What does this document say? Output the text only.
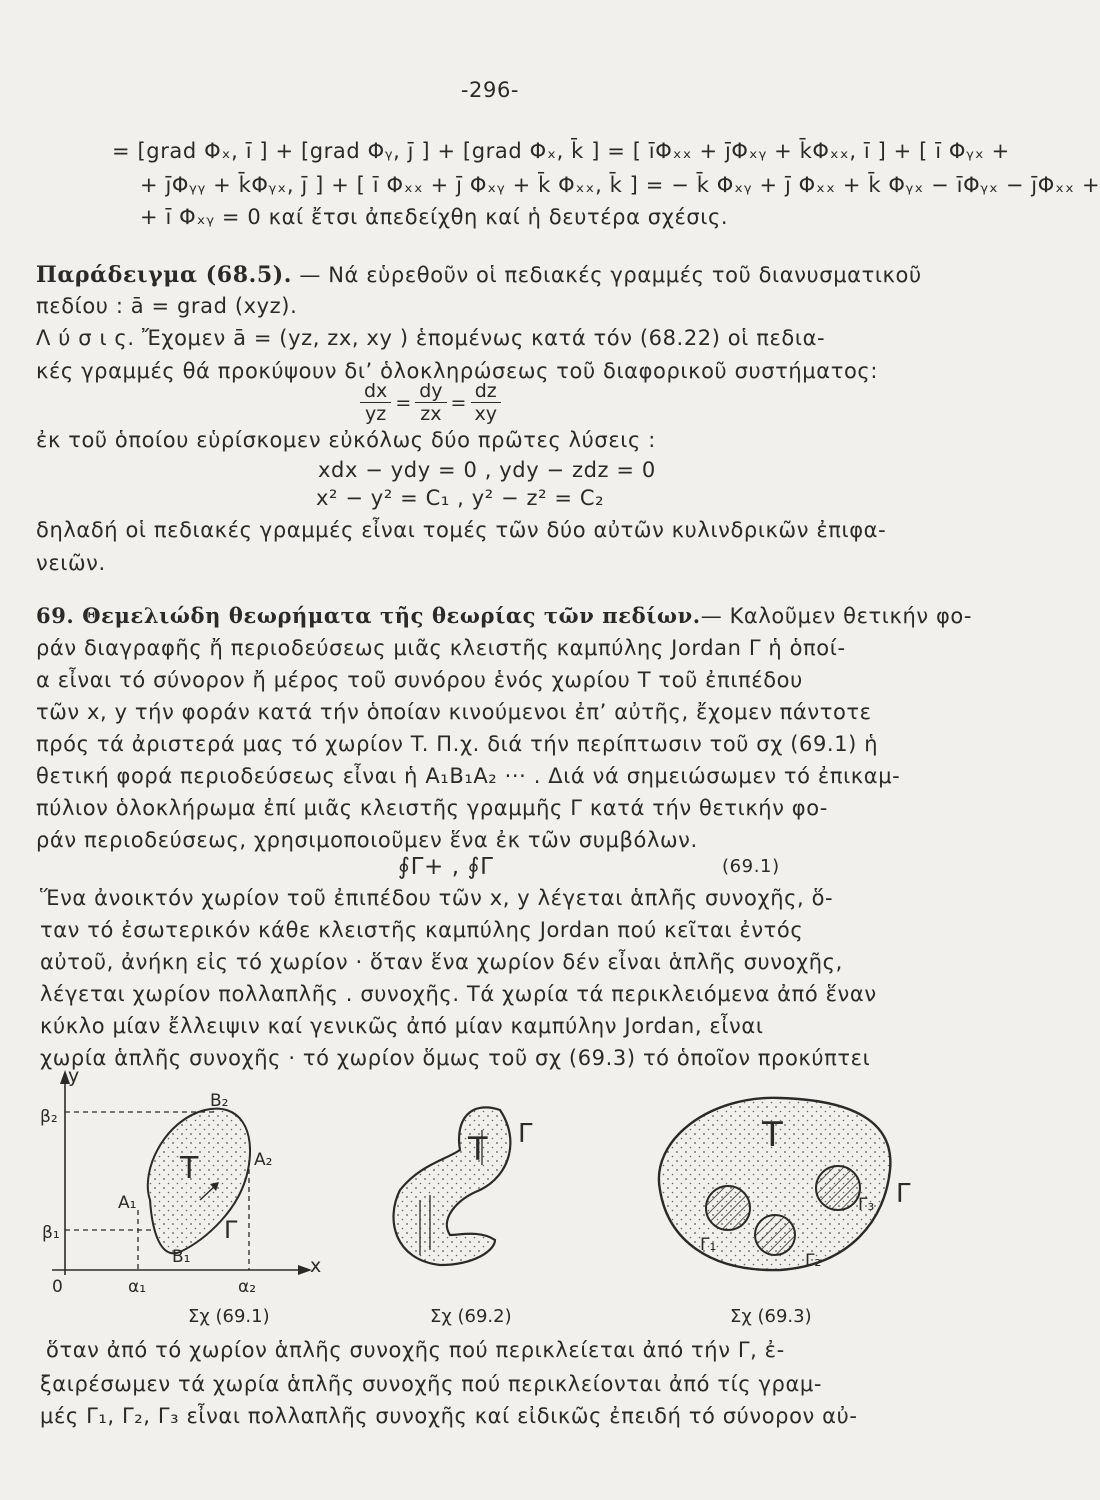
-296-
= [grad Φₓ, ī ] + [grad Φᵧ, j̄ ] + [grad Φₓ, k̄ ] = [ īΦₓₓ + j̄Φₓᵧ + k̄Φₓₓ, ī ] + [ ī Φᵧₓ +
+ j̄Φᵧᵧ + k̄Φᵧₓ, j̄ ] + [ ī Φₓₓ + j̄ Φₓᵧ + k̄ Φₓₓ, k̄ ] = − k̄ Φₓᵧ + j̄ Φₓₓ + k̄ Φᵧₓ − īΦᵧₓ − j̄Φₓₓ +
+ ī Φₓᵧ = 0 καί ἔτσι ἀπεδείχθη καί ἡ δευτέρα σχέσις.
Παράδειγμα (68.5). — Νά εὑρεθοῦν οἱ πεδιακές γραμμές τοῦ διανυσματικοῦ
πεδίου : ā = grad (xyz).
Λ ύ σ ι ς. Ἔχομεν ā = (yz, zx, xy ) ἑπομένως κατά τόν (68.22) οἱ πεδια-
κές γραμμές θά προκύψουν δι’ ὁλοκληρώσεως τοῦ διαφορικοῦ συστήματος:
$\frac{dx}{yz} = \frac{dy}{zx} = \frac{dz}{xy}$
ἐκ τοῦ ὁποίου εὑρίσκομεν εὐκόλως δύο πρῶτες λύσεις :
xdx − ydy = 0 , ydy − zdz = 0
x² − y² = C₁ , y² − z² = C₂
δηλαδή οἱ πεδιακές γραμμές εἶναι τομές τῶν δύο αὐτῶν κυλινδρικῶν ἐπιφα-
νειῶν.
69. Θεμελιώδη θεωρήματα τῆς θεωρίας τῶν πεδίων.— Καλοῦμεν θετικήν φο-
ράν διαγραφῆς ἤ περιοδεύσεως μιᾶς κλειστῆς καμπύλης Jordan Γ ἡ ὁποί-
α εἶναι τό σύνορον ἤ μέρος τοῦ συνόρου ἑνός χωρίου T τοῦ ἐπιπέδου
τῶν x, y τήν φοράν κατά τήν ὁποίαν κινούμενοι ἐπ’ αὐτῆς, ἔχομεν πάντοτε
πρός τά ἀριστερά μας τό χωρίον T. Π.χ. διά τήν περίπτωσιν τοῦ σχ (69.1) ἡ
θετική φορά περιοδεύσεως εἶναι ἡ A₁B₁A₂ ··· . Διά νά σημειώσωμεν τό ἐπικαμ-
πύλιον ὁλοκλήρωμα ἐπί μιᾶς κλειστῆς γραμμῆς Γ κατά τήν θετικήν φο-
ράν περιοδεύσεως, χρησιμοποιοῦμεν ἕνα ἐκ τῶν συμβόλων.
∮Γ+ , ∮Γ	(69.1)
Ἕνα ἀνοικτόν χωρίον τοῦ ἐπιπέδου τῶν x, y λέγεται ἁπλῆς συνοχῆς, ὅ-
ταν τό ἐσωτερικόν κάθε κλειστῆς καμπύλης Jordan πού κεῖται ἐντός
αὐτοῦ, ἀνήκη εἰς τό χωρίον · ὅταν ἕνα χωρίον δέν εἶναι ἁπλῆς συνοχῆς,
λέγεται χωρίον πολλαπλῆς . συνοχῆς. Τά χωρία τά περικλειόμενα ἀπό ἕναν
κύκλο μίαν ἔλλειψιν καί γενικῶς ἀπό μίαν καμπύλην Jordan, εἶναι
χωρία ἁπλῆς συνοχῆς · τό χωρίον ὅμως τοῦ σχ (69.3) τό ὁποῖον προκύπτει
y
x
0
β₂
β₁
α₁	α₂
A₁
A₂
B₁
B₂
T
Γ
Σχ (69.1)
T Γ
Σχ (69.2)
T
Γ
Γ₁
Γ₂
Γ₃
Σχ (69.3)
ὅταν ἀπό τό χωρίον ἁπλῆς συνοχῆς πού περικλείεται ἀπό τήν Γ, ἐ-
ξαιρέσωμεν τά χωρία ἁπλῆς συνοχῆς πού περικλείονται ἀπό τίς γραμ-
μές Γ₁, Γ₂, Γ₃ εἶναι πολλαπλῆς συνοχῆς καί εἰδικῶς ἐπειδή τό σύνορον αὐ-
